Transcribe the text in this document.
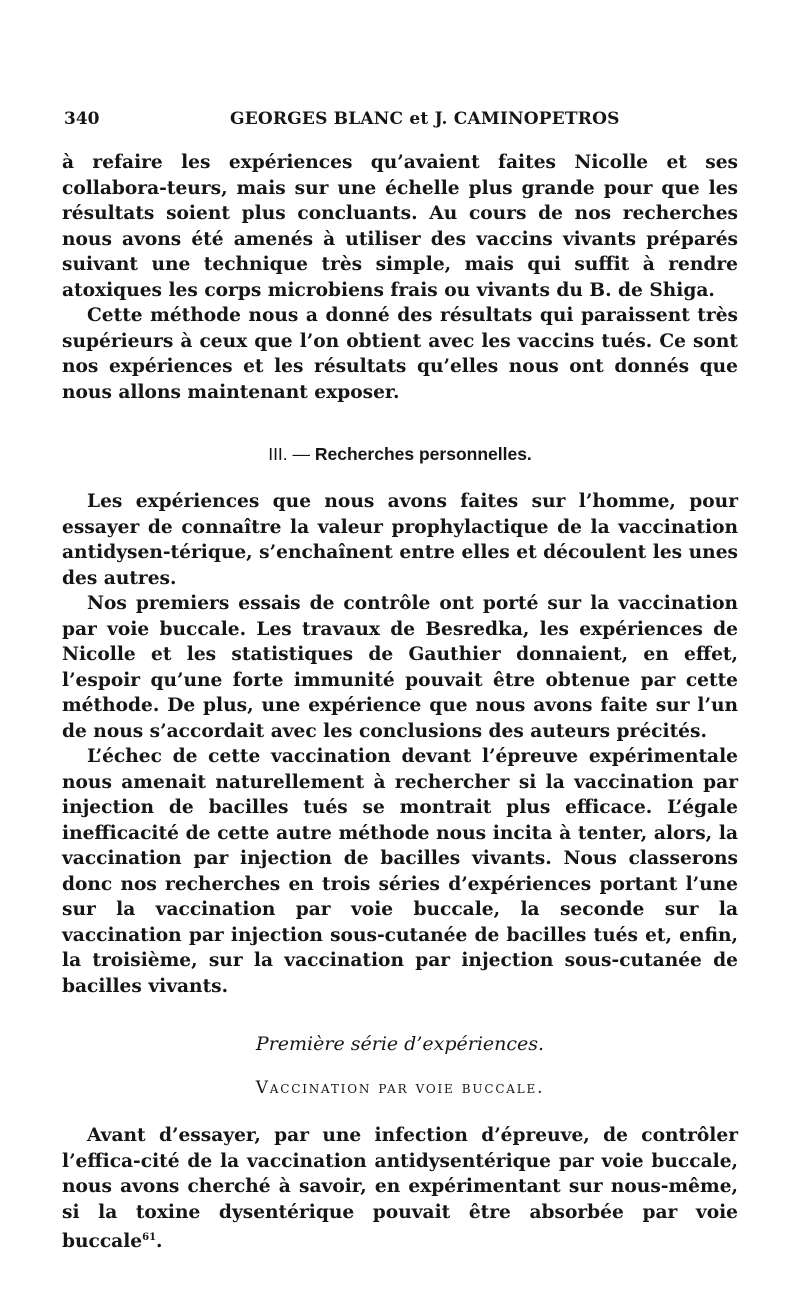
340	GEORGES BLANC et J. CAMINOPETROS

à refaire les expériences qu’avaient faites Nicolle et ses collabora-teurs, mais sur une échelle plus grande pour que les résultats soient plus concluants. Au cours de nos recherches nous avons été amenés à utiliser des vaccins vivants préparés suivant une technique très simple, mais qui suffit à rendre atoxiques les corps microbiens frais ou vivants du B. de Shiga.

Cette méthode nous a donné des résultats qui paraissent très supérieurs à ceux que l’on obtient avec les vaccins tués. Ce sont nos expériences et les résultats qu’elles nous ont donnés que nous allons maintenant exposer.

III. — Recherches personnelles.

Les expériences que nous avons faites sur l’homme, pour essayer de connaître la valeur prophylactique de la vaccination antidysen-térique, s’enchaînent entre elles et découlent les unes des autres.

Nos premiers essais de contrôle ont porté sur la vaccination par voie buccale. Les travaux de Besredka, les expériences de Nicolle et les statistiques de Gauthier donnaient, en effet, l’espoir qu’une forte immunité pouvait être obtenue par cette méthode. De plus, une expérience que nous avons faite sur l’un de nous s’accordait avec les conclusions des auteurs précités.

L’échec de cette vaccination devant l’épreuve expérimentale nous amenait naturellement à rechercher si la vaccination par injection de bacilles tués se montrait plus efficace. L’égale inefficacité de cette autre méthode nous incita à tenter, alors, la vaccination par injection de bacilles vivants. Nous classerons donc nos recherches en trois séries d’expériences portant l’une sur la vaccination par voie buccale, la seconde sur la vaccination par injection sous-cutanée de bacilles tués et, enfin, la troisième, sur la vaccination par injection sous-cutanée de bacilles vivants.

Première série d’expériences.
Vaccination par voie buccale.

Avant d’essayer, par une infection d’épreuve, de contrôler l’effica-cité de la vaccination antidysentérique par voie buccale, nous avons cherché à savoir, en expérimentant sur nous-même, si la toxine dysentérique pouvait être absorbée par voie buccale$^{61}$.
